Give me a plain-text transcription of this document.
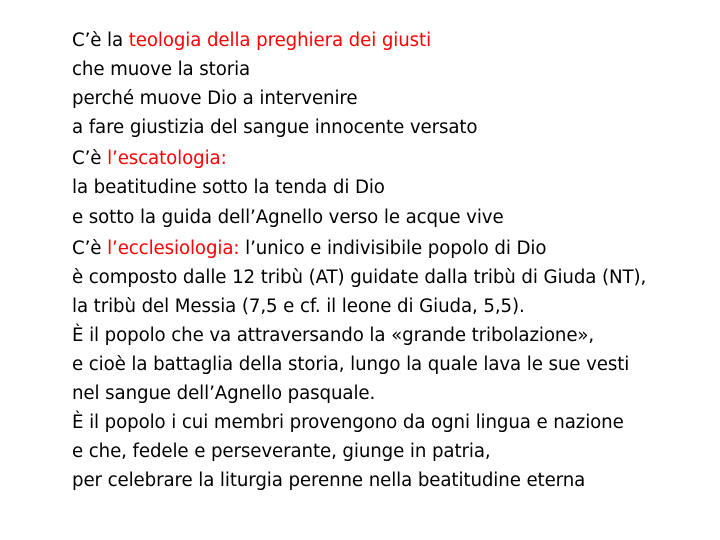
C’è la teologia della preghiera dei giusti
che muove la storia
perché muove Dio a intervenire
a fare giustizia del sangue innocente versato
C’è l’escatologia:
la beatitudine sotto la tenda di Dio
e sotto la guida dell’Agnello verso le acque vive
C’è l’ecclesiologia: l’unico e indivisibile popolo di Dio
è composto dalle 12 tribù (AT) guidate dalla tribù di Giuda (NT),
la tribù del Messia (7,5 e cf. il leone di Giuda, 5,5).
È il popolo che va attraversando la «grande tribolazione»,
e cioè la battaglia della storia, lungo la quale lava le sue vesti
nel sangue dell’Agnello pasquale.
È il popolo i cui membri provengono da ogni lingua e nazione
e che, fedele e perseverante, giunge in patria,
per celebrare la liturgia perenne nella beatitudine eterna
